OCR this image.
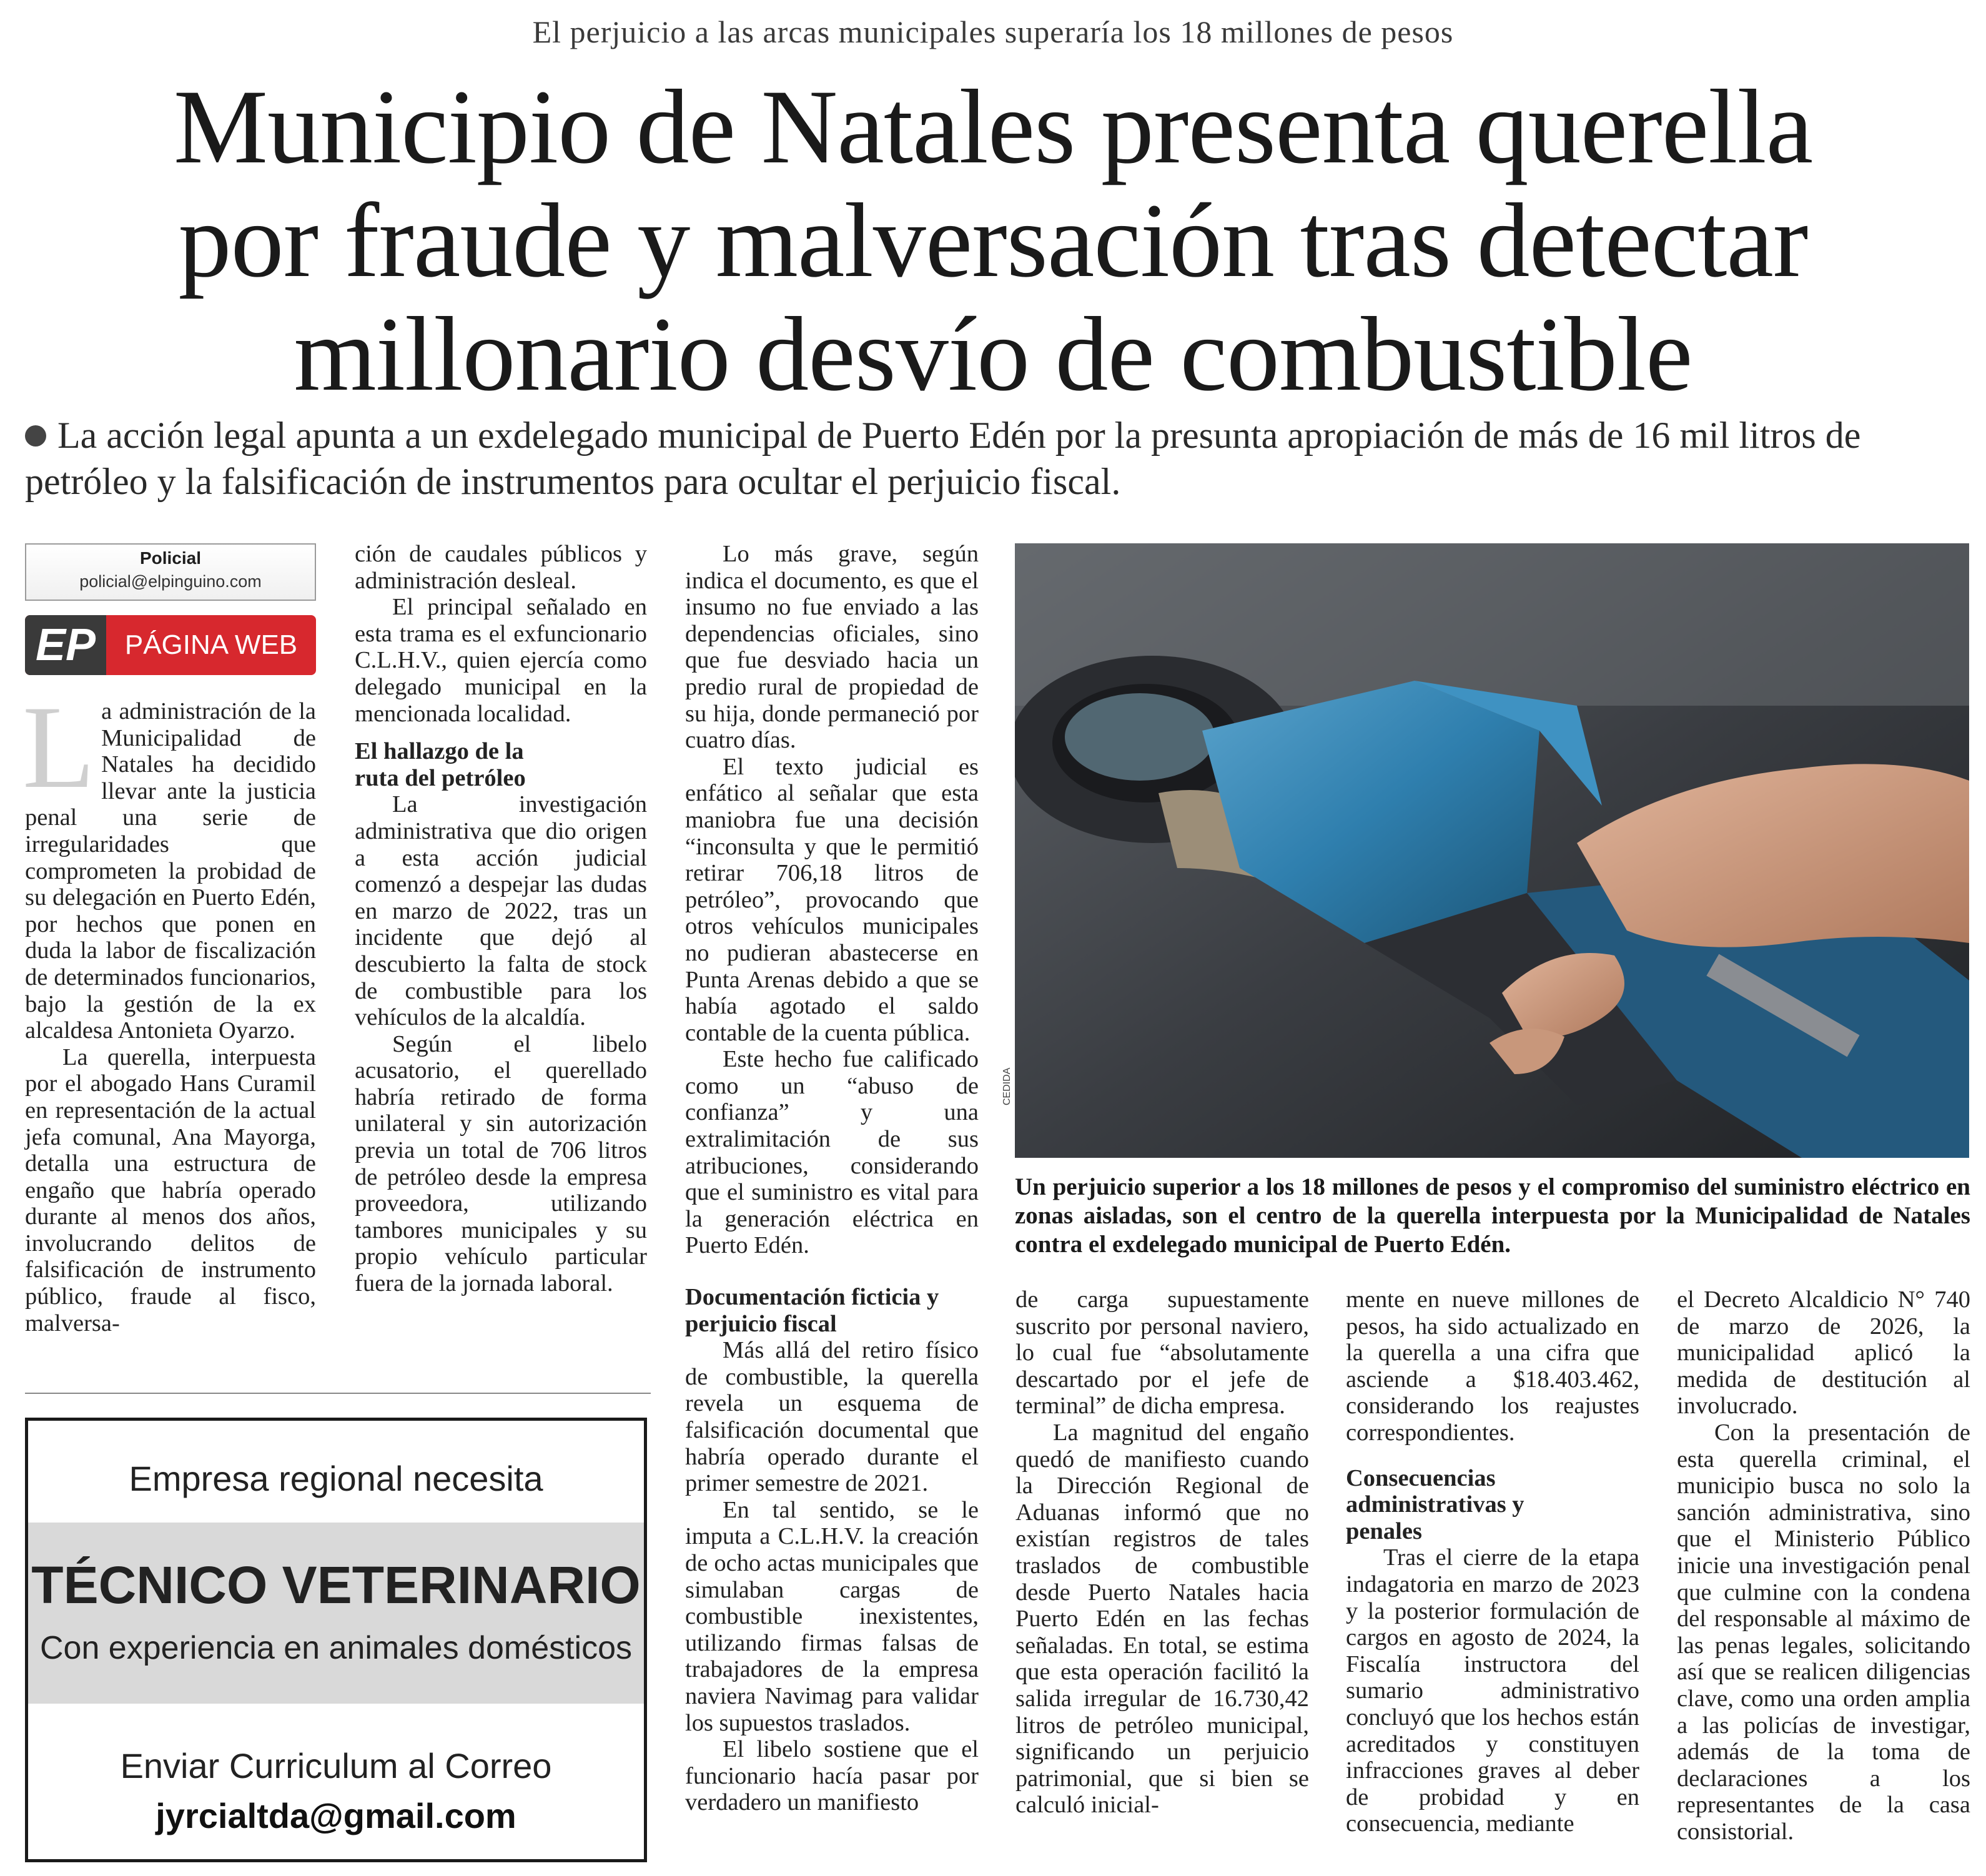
El perjuicio a las arcas municipales superaría los 18 millones de pesos
Municipio de Natales presenta querella
por fraude y malversación tras detectar
millonario desvío de combustible
La acción legal apunta a un exdelegado municipal de Puerto Edén por la presunta apropiación de más de 16 mil litros de petróleo y la falsificación de instrumentos para ocultar el perjuicio fiscal.
Policial
policial@elpinguino.com
EP	PÁGINA WEB

La administración de la Municipalidad de Natales ha decidido llevar ante la justicia penal una serie de irregularidades que comprometen la probidad de su delegación en Puerto Edén, por hechos que ponen en duda la labor de fiscalización de determinados funcionarios, bajo la gestión de la ex alcaldesa Antonieta Oyarzo.

La querella, interpuesta por el abogado Hans Curamil en representación de la actual jefa comunal, Ana Mayorga, detalla una estructura de engaño que habría operado durante al menos dos años, involucrando delitos de falsificación de instrumento público, fraude al fisco, malversa-

ción de caudales públicos y administración desleal.

El principal señalado en esta trama es el exfuncionario C.L.H.V., quien ejercía como delegado municipal en la mencionada localidad.

El hallazgo de la ruta del petróleo

La investigación administrativa que dio origen a esta acción judicial comenzó a despejar las dudas en marzo de 2022, tras un incidente que dejó al descubierto la falta de stock de combustible para los vehículos de la alcaldía.

Según el libelo acusatorio, el querellado habría retirado de forma unilateral y sin autorización previa un total de 706 litros de petróleo desde la empresa proveedora, utilizando tambores municipales y su propio vehículo particular fuera de la jornada laboral.

Lo más grave, según indica el documento, es que el insumo no fue enviado a las dependencias oficiales, sino que fue desviado hacia un predio rural de propiedad de su hija, donde permaneció por cuatro días.

El texto judicial es enfático al señalar que esta maniobra fue una decisión “inconsulta y que le permitió retirar 706,18 litros de petróleo”, provocando que otros vehículos municipales no pudieran abastecerse en Punta Arenas debido a que se había agotado el saldo contable de la cuenta pública.

Este hecho fue calificado como un “abuso de confianza” y una extralimitación de sus atribuciones, considerando que el suministro es vital para la generación eléctrica en Puerto Edén.

Documentación ficticia y perjuicio fiscal

Más allá del retiro físico de combustible, la querella revela un esquema de falsificación documental que habría operado durante el primer semestre de 2021.

En tal sentido, se le imputa a C.L.H.V. la creación de ocho actas municipales que simulaban cargas de combustible inexistentes, utilizando firmas falsas de trabajadores de la empresa naviera Navimag para validar los supuestos traslados.

El libelo sostiene que el funcionario hacía pasar por verdadero un manifiesto

CEDIDA
Un perjuicio superior a los 18 millones de pesos y el compromiso del suministro eléctrico en zonas aisladas, son el centro de la querella interpuesta por la Municipalidad de Natales contra el exdelegado municipal de Puerto Edén.

de carga supuestamente suscrito por personal naviero, lo cual fue “absolutamente descartado por el jefe de terminal” de dicha empresa.

La magnitud del engaño quedó de manifiesto cuando la Dirección Regional de Aduanas informó que no existían registros de tales traslados de combustible desde Puerto Natales hacia Puerto Edén en las fechas señaladas. En total, se estima que esta operación facilitó la salida irregular de 16.730,42 litros de petróleo municipal, significando un perjuicio patrimonial, que si bien se calculó inicial-

mente en nueve millones de pesos, ha sido actualizado en la querella a una cifra que asciende a $18.403.462, considerando los reajustes correspondientes.

Consecuencias administrativas y penales

Tras el cierre de la etapa indagatoria en marzo de 2023 y la posterior formulación de cargos en agosto de 2024, la Fiscalía instructora del sumario administrativo concluyó que los hechos están acreditados y constituyen infracciones graves al deber de probidad y en consecuencia, mediante

el Decreto Alcaldicio N° 740 de marzo de 2026, la municipalidad aplicó la medida de destitución al involucrado.

Con la presentación de esta querella criminal, el municipio busca no solo la sanción administrativa, sino que el Ministerio Público inicie una investigación penal que culmine con la condena del responsable al máximo de las penas legales, solicitando así que se realicen diligencias clave, como una orden amplia a las policías de investigar, además de la toma de declaraciones a los representantes de la casa consistorial.

Empresa regional necesita
TÉCNICO VETERINARIO
Con experiencia en animales domésticos
Enviar Curriculum al Correo
jyrcialtda@gmail.com
